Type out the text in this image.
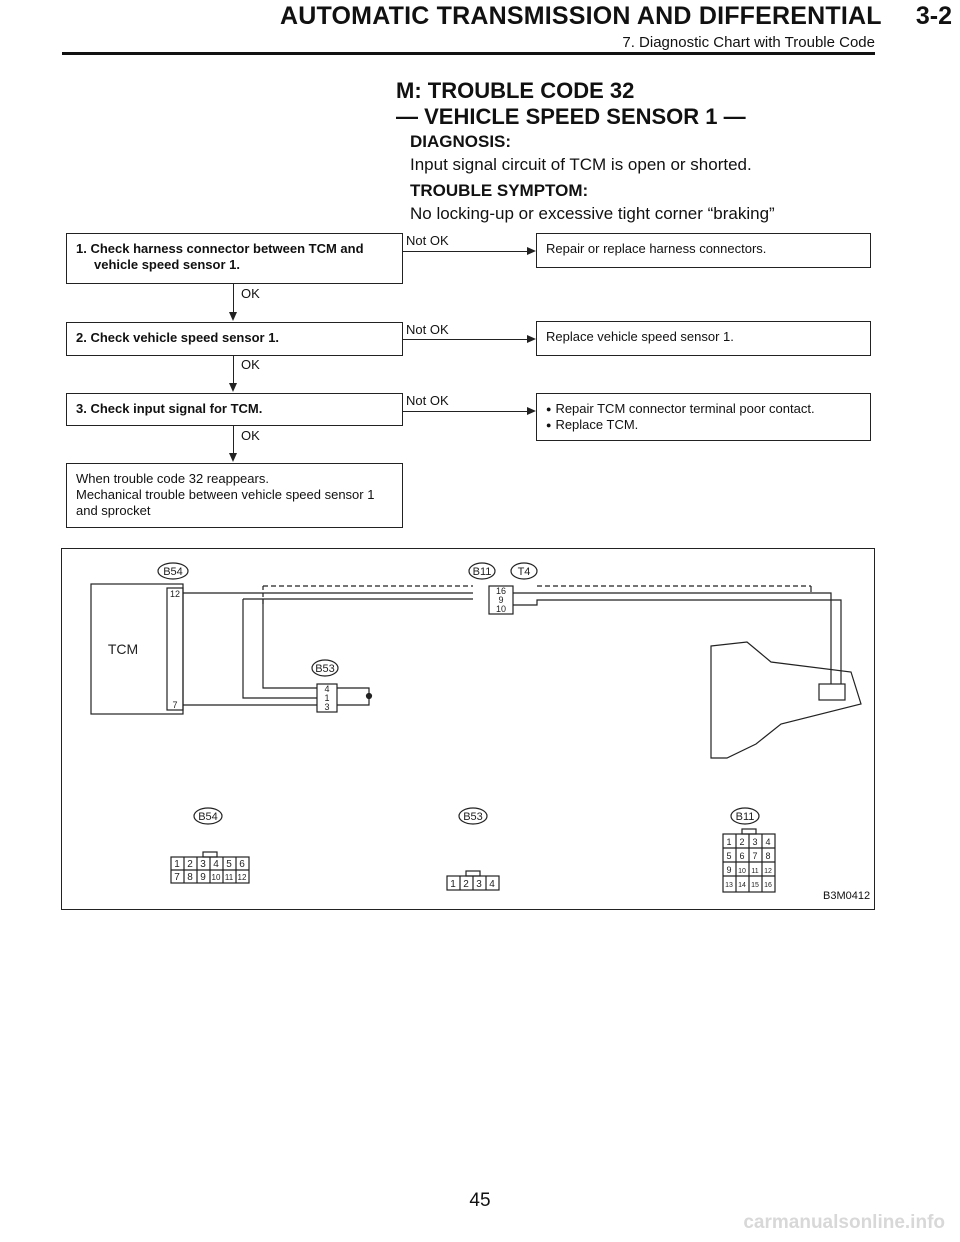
AUTOMATIC TRANSMISSION AND DIFFERENTIAL	3-2
7. Diagnostic Chart with Trouble Code
M: TROUBLE CODE 32
— VEHICLE SPEED SENSOR 1 —
DIAGNOSIS:
Input signal circuit of TCM is open or shorted.
TROUBLE SYMPTOM:
No locking-up or excessive tight corner “braking”
1. Check harness connector between TCM and
vehicle speed sensor 1.
Not OK
Repair or replace harness connectors.
OK
2. Check vehicle speed sensor 1.
Not OK	Replace vehicle speed sensor 1.
OK
3. Check input signal for TCM.
Not OK
● Repair TCM connector terminal poor contact.
● Replace TCM.
OK
When trouble code 32 reappears.
Mechanical trouble between vehicle speed sensor 1
and sprocket
B54	B11 T4
B53
B54	B53	B11
TCM
12
7
16
9
10
4
1
3
1 2 3 4 5 6
7 8 9 10 11 12
1 2 3 4
1 2 3 4
5 6 7 8
9 10 11 12
13 14 15 16
B3M0412
45
carmanualsonline.info
